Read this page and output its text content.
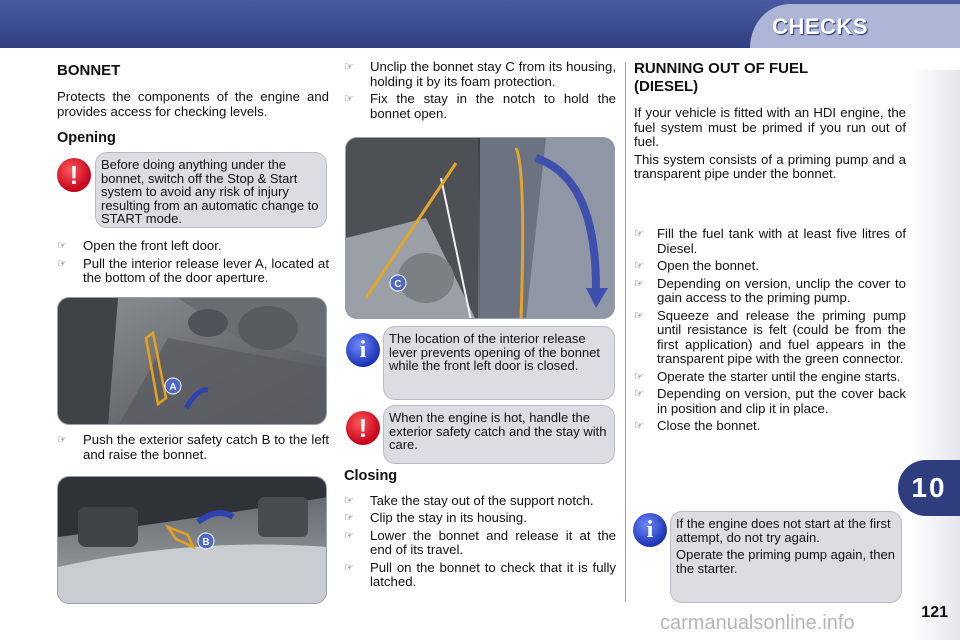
CHECKS
10
121
BONNET

Protects the components of the engine and provides access for checking levels.

Opening
!	Before doing anything under the bonnet, switch off the Stop & Start system to avoid any risk of injury resulting from an automatic change to START mode.
☞	Open the front left door.
☞	Pull the interior release lever A, located at the bottom of the door aperture.
A
☞	Push the exterior safety catch B to the left and raise the bonnet.
B
☞	Unclip the bonnet stay C from its housing, holding it by its foam protection.
☞	Fix the stay in the notch to hold the bonnet open.
C
i	The location of the interior release lever prevents opening of the bonnet while the front left door is closed.
!	When the engine is hot, handle the exterior safety catch and the stay with care.
Closing
☞	Take the stay out of the support notch.
☞	Clip the stay in its housing.
☞	Lower the bonnet and release it at the end of its travel.
☞	Pull on the bonnet to check that it is fully latched.
RUNNING OUT OF FUEL
(DIESEL)

If your vehicle is fitted with an HDI engine, the fuel system must be primed if you run out of fuel.

This system consists of a priming pump and a transparent pipe under the bonnet.

☞ Fill the fuel tank with at least five litres of Diesel.
☞ Open the bonnet.
☞ Depending on version, unclip the cover to gain access to the priming pump.
☞ Squeeze and release the priming pump until resistance is felt (could be from the first application) and fuel appears in the transparent pipe with the green connector.
☞ Operate the starter until the engine starts.
☞ Depending on version, put the cover back in position and clip it in place.
☞ Close the bonnet.
i	If the engine does not start at the first attempt, do not try again.
Operate the priming pump again, then the starter.
carmanualsonline.info
